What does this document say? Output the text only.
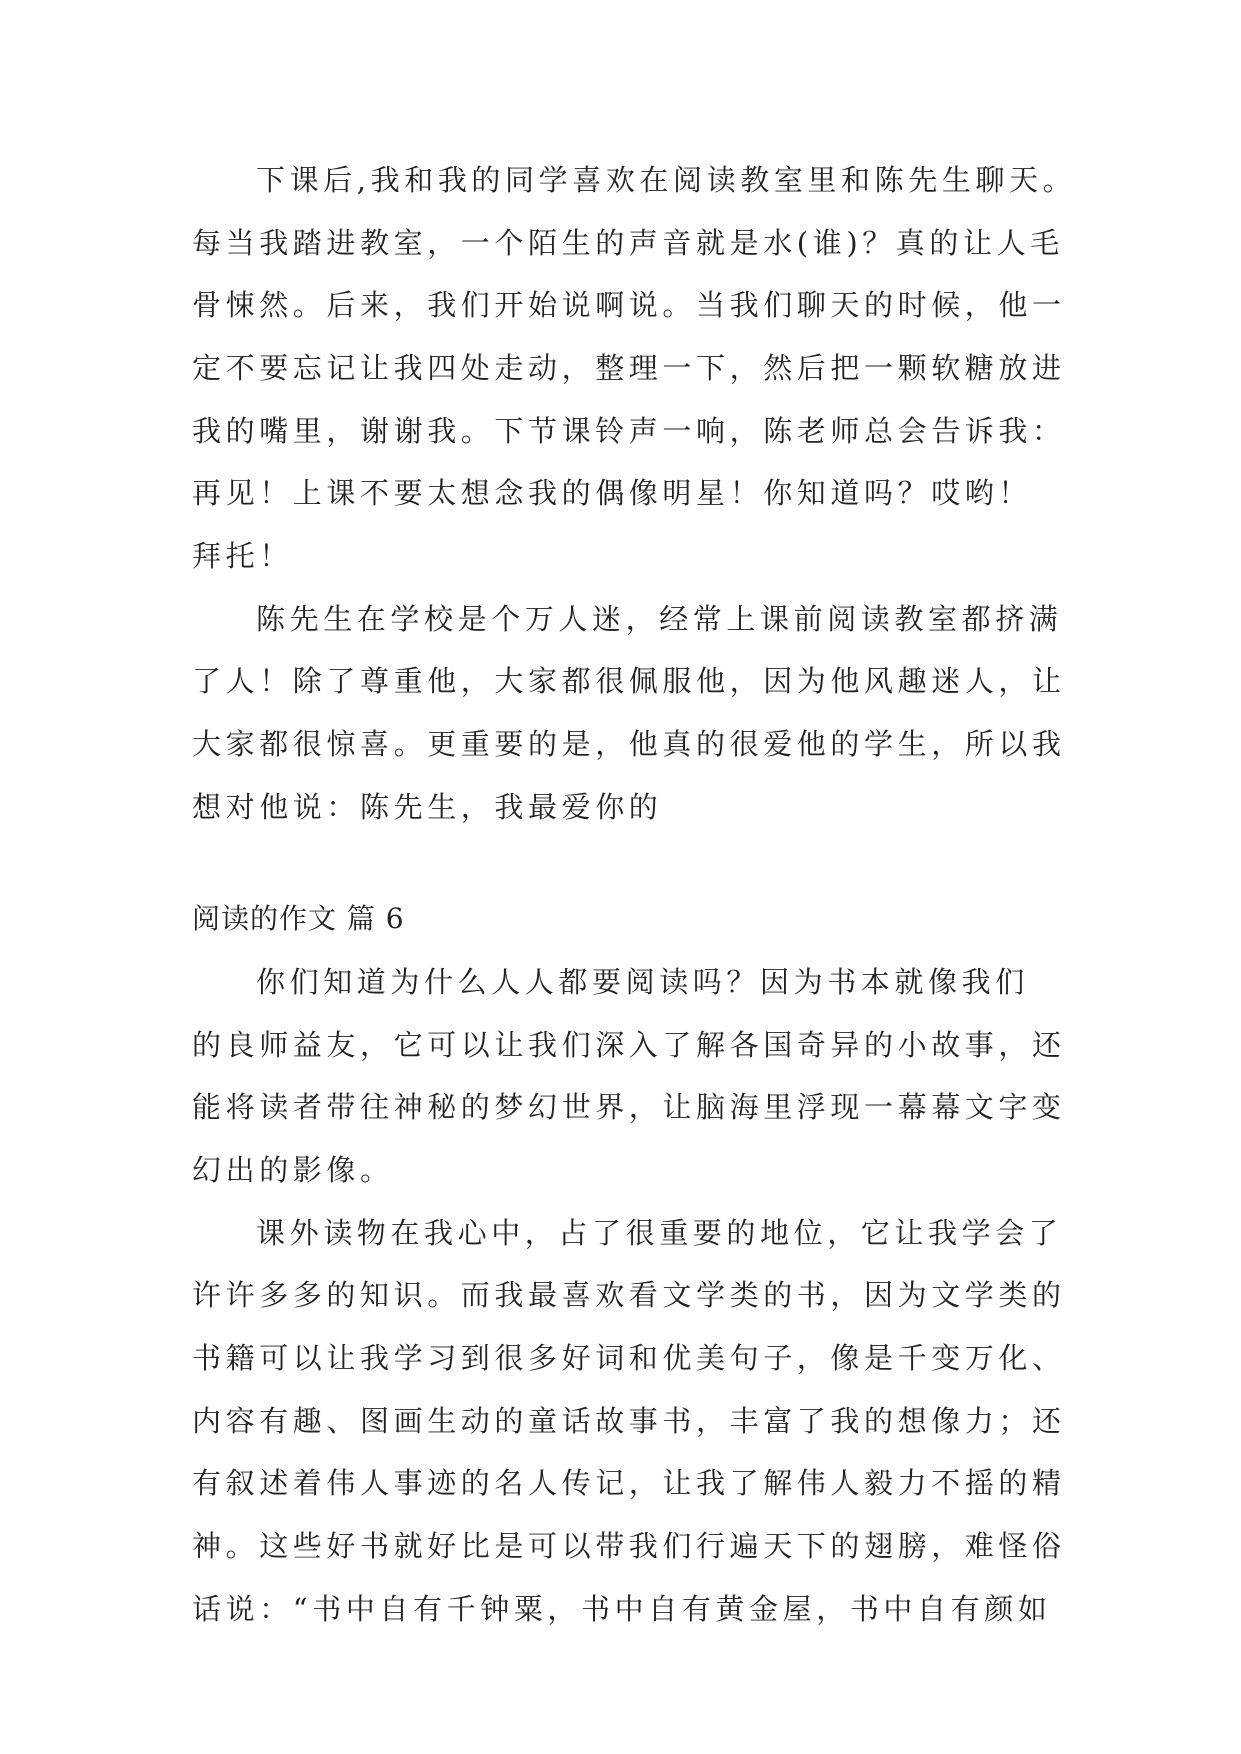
下课后,我和我的同学喜欢在阅读教室里和陈先生聊天。
每当我踏进教室，一个陌生的声音就是水(谁)？真的让人毛
骨悚然。后来，我们开始说啊说。当我们聊天的时候，他一
定不要忘记让我四处走动，整理一下，然后把一颗软糖放进
我的嘴里，谢谢我。下节课铃声一响，陈老师总会告诉我：
再见！上课不要太想念我的偶像明星！你知道吗？哎哟！
拜托！
陈先生在学校是个万人迷，经常上课前阅读教室都挤满
了人！除了尊重他，大家都很佩服他，因为他风趣迷人，让
大家都很惊喜。更重要的是，他真的很爱他的学生，所以我
想对他说：陈先生，我最爱你的
阅读的作文 篇 6
你们知道为什么人人都要阅读吗？因为书本就像我们
的良师益友，它可以让我们深入了解各国奇异的小故事，还
能将读者带往神秘的梦幻世界，让脑海里浮现一幕幕文字变
幻出的影像。
课外读物在我心中，占了很重要的地位，它让我学会了
许许多多的知识。而我最喜欢看文学类的书，因为文学类的
书籍可以让我学习到很多好词和优美句子，像是千变万化、
内容有趣、图画生动的童话故事书，丰富了我的想像力；还
有叙述着伟人事迹的名人传记，让我了解伟人毅力不摇的精
神。这些好书就好比是可以带我们行遍天下的翅膀，难怪俗
话说：“书中自有千钟粟，书中自有黄金屋，书中自有颜如
